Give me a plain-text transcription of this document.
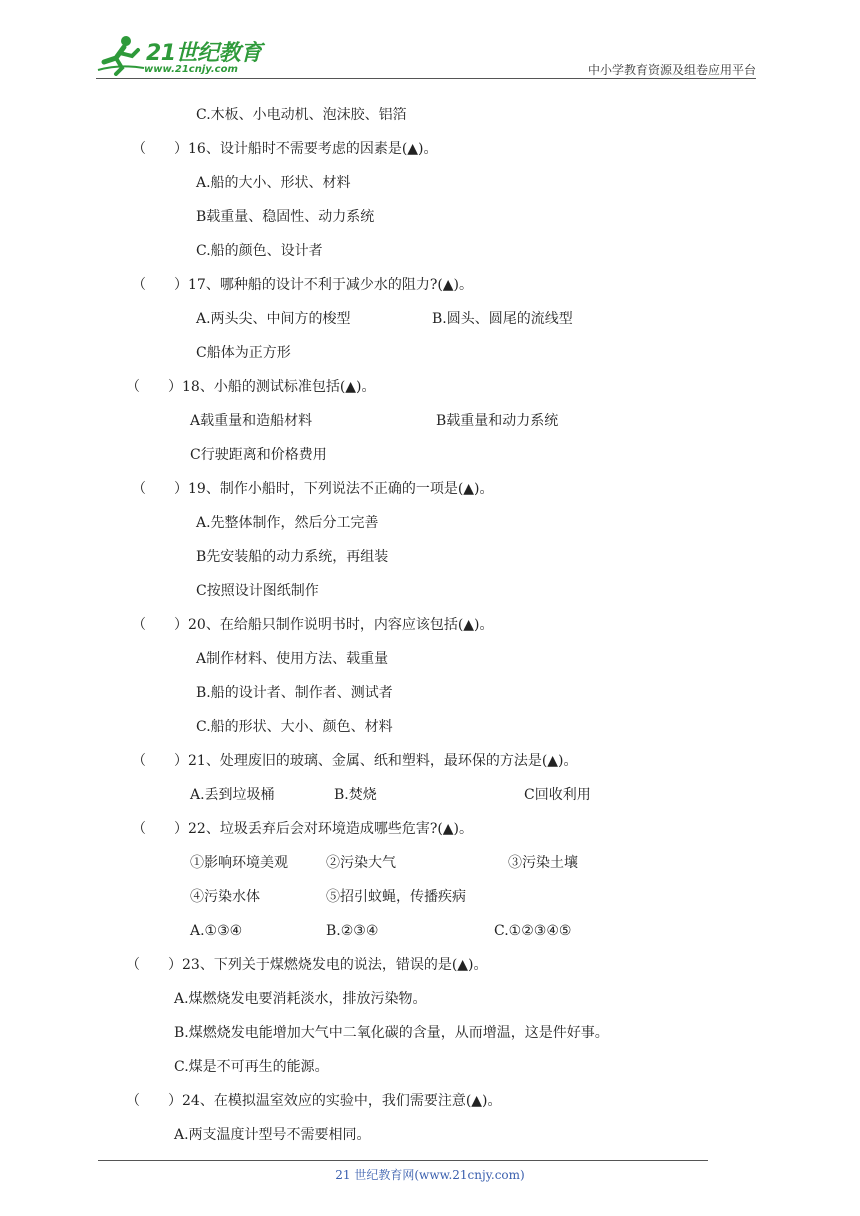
21世纪教育
www.21cnjy.com	中小学教育资源及组卷应用平台
C.木板、小电动机、泡沫胶、铝箔
（　　）16、设计船时不需要考虑的因素是(▲)。
A.船的大小、形状、材料
B载重量、稳固性、动力系统
C.船的颜色、设计者
（　　）17、哪种船的设计不利于减少水的阻力?(▲)。
A.两头尖、中间方的梭型	B.圆头、圆尾的流线型
C船体为正方形
（　　）18、小船的测试标准包括(▲)。
A载重量和造船材料	B载重量和动力系统
C行驶距离和价格费用
（　　）19、制作小船时，下列说法不正确的一项是(▲)。
A.先整体制作，然后分工完善
B先安装船的动力系统，再组装
C按照设计图纸制作
（　　）20、在给船只制作说明书时，内容应该包括(▲)。
A制作材料、使用方法、载重量
B.船的设计者、制作者、测试者
C.船的形状、大小、颜色、材料
（　　）21、处理废旧的玻璃、金属、纸和塑料，最环保的方法是(▲)。
A.丢到垃圾桶	B.焚烧	C回收利用
（　　）22、垃圾丢弃后会对环境造成哪些危害?(▲)。
①影响环境美观	②污染大气	③污染土壤
④污染水体	⑤招引蚊蝇，传播疾病
A.①③④	B.②③④	C.①②③④⑤
（　　）23、下列关于煤燃烧发电的说法，错误的是(▲)。
A.煤燃烧发电要消耗淡水，排放污染物。
B.煤燃烧发电能增加大气中二氧化碳的含量，从而增温，这是件好事。
C.煤是不可再生的能源。
（　　）24、在模拟温室效应的实验中，我们需要注意(▲)。
A.两支温度计型号不需要相同。
21 世纪教育网(www.21cnjy.com)
